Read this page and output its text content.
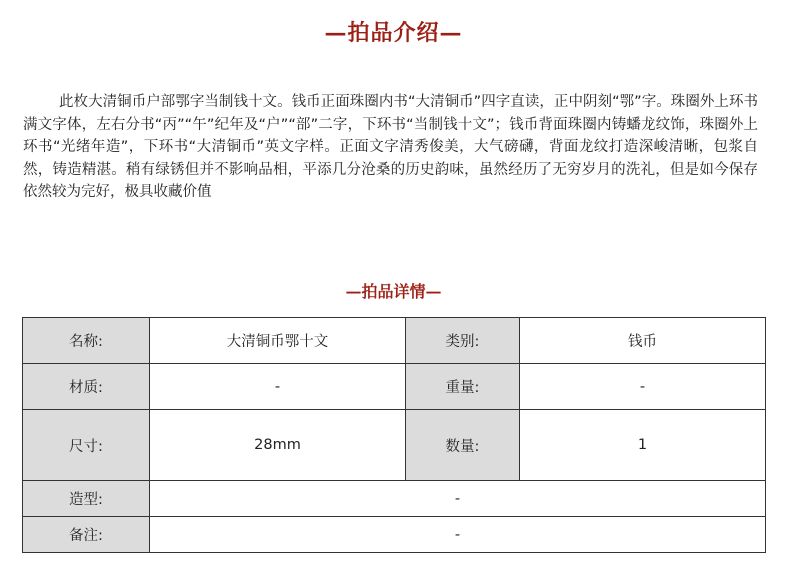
—拍品介绍—
此枚大清铜币户部鄂字当制钱十文。钱币正面珠圈内书“大清铜币”四字直读，正中阴刻“鄂”字。珠圈外上环书满文字体，左右分书“丙”“午”纪年及“户”“部”二字，下环书“当制钱十文”；钱币背面珠圈内铸蟠龙纹饰，珠圈外上环书“光绪年造”，下环书“大清铜币”英文字样。正面文字清秀俊美，大气磅礴，背面龙纹打造深峻清晰，包浆自然，铸造精湛。稍有绿锈但并不影响品相，平添几分沧桑的历史韵味，虽然经历了无穷岁月的洗礼，但是如今保存依然较为完好，极具收藏价值
—拍品详情—
名称:	大清铜币鄂十文	类别:	钱币
材质:	-	重量:	-
尺寸:	28mm	数量:	1
造型:	-		
备注:	-		
